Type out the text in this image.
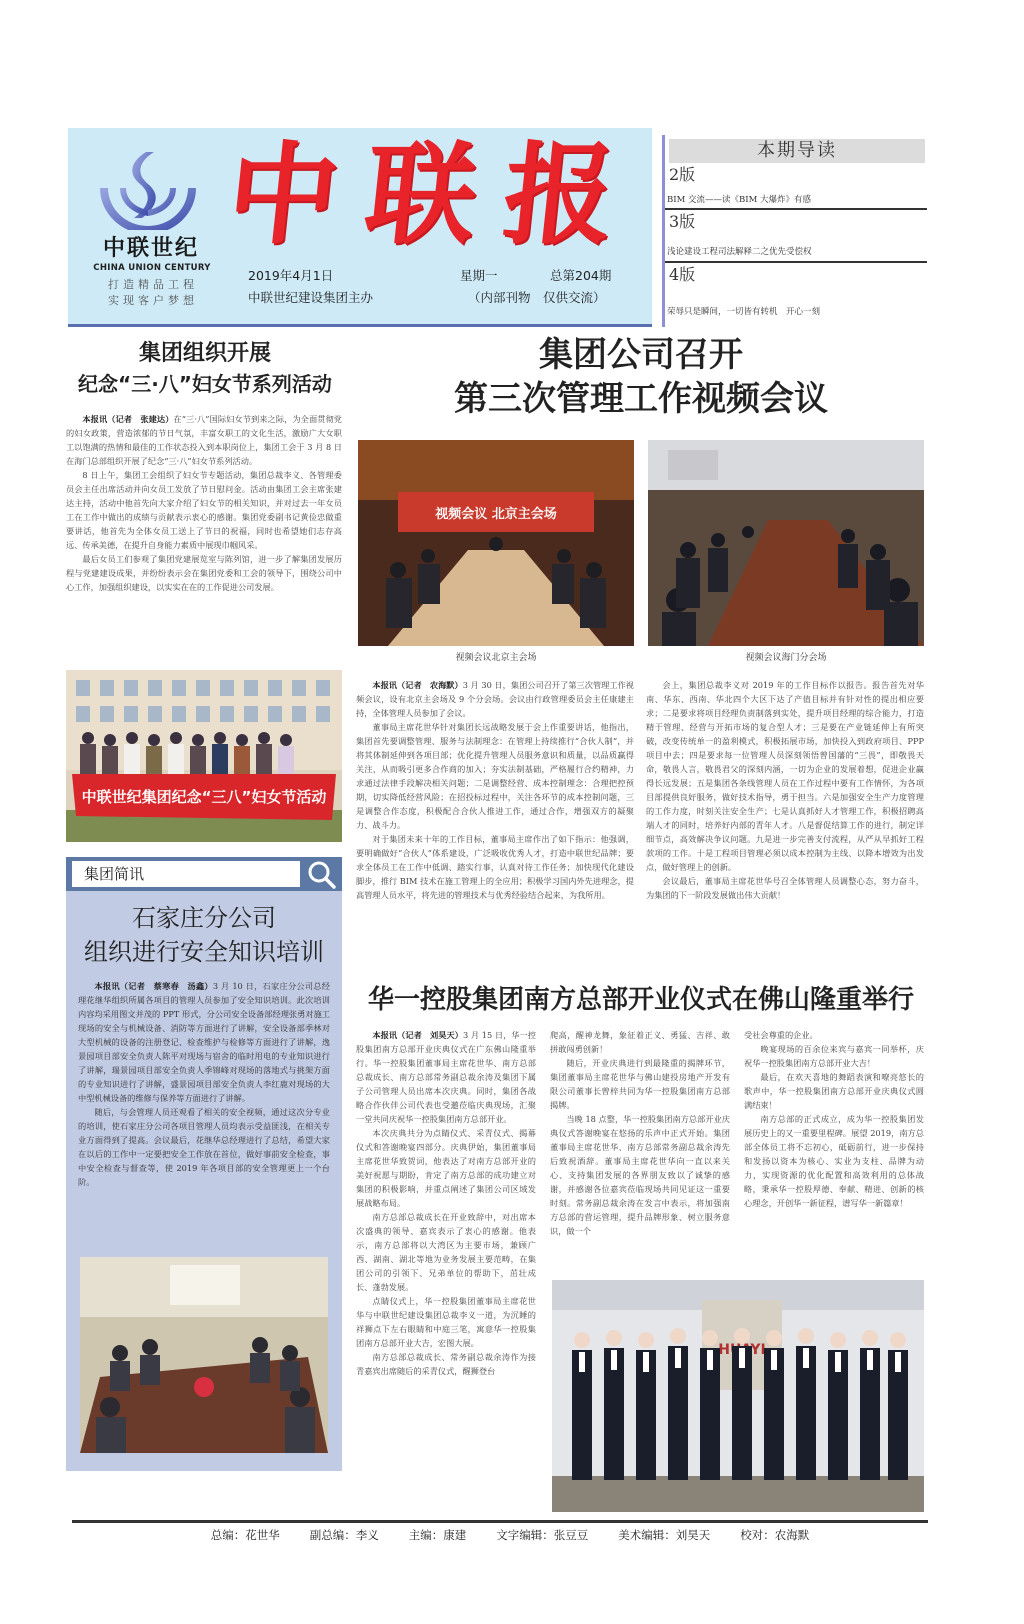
中联世纪
CHINA UNION CENTURY
打造精品工程
实现客户梦想
中联报
2019年4月1日	星期一	总第204期
中联世纪建设集团主办	（内部刊物　仅供交流）
本期导读
2版
BIM 交流——读《BIM 大爆炸》有感
3版
浅论建设工程司法解释二之优先受偿权
4版
荣辱只是瞬间，一切皆有转机　开心一刻
集团组织开展
纪念“三·八”妇女节系列活动

本报讯（记者　张建达）在“三·八”国际妇女节到来之际，为全面贯彻党的妇女政策，营造浓郁的节日气氛，丰富女职工的文化生活，激励广大女职工以饱满的热情和最佳的工作状态投入到本职岗位上，集团工会于 3 月 8 日在海门总部组织开展了纪念“三·八”妇女节系列活动。

8 日上午，集团工会组织了妇女节专题活动，集团总裁李义、各管理委员会主任出席活动并向女员工发放了节日慰问金。活动由集团工会主席张建达主持，活动中他首先向大家介绍了妇女节的相关知识，并对过去一年女员工在工作中做出的成绩与贡献表示衷心的感谢。集团党委副书记黄俭忠做重要讲话，他首先为全体女员工送上了节日的祝福，同时也希望她们志存高远、传承美德，在提升自身能力素质中展现巾帼风采。

最后女员工们参观了集团党建展览室与陈列馆，进一步了解集团发展历程与党建建设成果，并纷纷表示会在集团党委和工会的领导下，围绕公司中心工作，加强组织建设，以实实在在的工作促进公司发展。

中联世纪集团纪念“三八”妇女节活动
集团简讯
石家庄分公司
组织进行安全知识培训

本报讯（记者　蔡寒春　汤鑫）3 月 10 日，石家庄分公司总经理花继华组织所属各项目的管理人员参加了安全知识培训。此次培训内容均采用图文并茂的 PPT 形式，分公司安全设备部经理张勇对施工现场的安全与机械设备、消防等方面进行了讲解，安全设备部季林对大型机械的设备的注册登记、检查维护与检修等方面进行了讲解，逸景园项目部安全负责人陈平对现场与宿舍的临时用电的专业知识进行了讲解，瑞景园项目部安全负责人季锦峰对现场的落地式与挑架方面的专业知识进行了讲解，盛景园项目部安全负责人李红鹿对现场的大中型机械设备的维修与保养等方面进行了讲解。

随后，与会管理人员还观看了相关的安全视频，通过这次分专业的培训，使石家庄分公司各项目管理人员均表示受益匪浅，在相关专业方面得到了提高。会议最后，花继华总经理进行了总结，希望大家在以后的工作中一定要把安全工作放在首位，做好事前安全检查，事中安全检查与督查等，使 2019 年各项目部的安全管理更上一个台阶。

集团公司召开
第三次管理工作视频会议
视频会议 北京主会场
视频会议北京主会场	视频会议海门分会场

本报讯（记者　农海默）3 月 30 日，集团公司召开了第三次管理工作视频会议，设有北京主会场及 9 个分会场。会议由行政管理委员会主任康建主持，全体管理人员参加了会议。

董事局主席花世华针对集团长远战略发展于会上作重要讲话，他指出，集团首先要调整管理、服务与法制理念：在管理上持续推行“合伙人制”，并将其体制延伸到各项目部；优化提升管理人员服务意识和质量，以品质赢得关注，从而吸引更多合作商的加入；夯实法制基础，严格履行合约精神，力求通过法律手段解决相关问题；二是调整经营、成本控制理念：合理把控预期，切实降低经营风险；在招投标过程中，关注各环节的成本控制问题，三是调整合作态度，积极配合合伙人推进工作，通过合作，增强双方的凝聚力、战斗力。

对于集团未来十年的工作目标，董事局主席作出了如下指示：他强调，要明确做好“合伙人”体系建设，广泛吸收优秀人才，打造中联世纪品牌；要求全体员工在工作中低调、踏实行事，认真对待工作任务；加快现代化建设脚步，推行 BIM 技术在施工管理上的全应用；积极学习国内外先进理念，提高管理人员水平，将先进的管理技术与优秀经验结合起来，为我所用。

会上，集团总裁李义对 2019 年的工作目标作以报告。报告首先对华南、华东、西南、华北四个大区下达了产值目标并有针对性的提出相应要求；二是要求将项目经理负责制落到实处，提升项目经理的综合能力，打造精于管理、经营与开拓市场的复合型人才；三是要在产业链延伸上有所突破，改变传统单一的盈利模式，积极拓展市场，加快投入到政府项目、PPP 项目中去；四是要求每一位管理人员深刻领悟曾国藩的“三畏”，即敬畏天命，敬畏人言，敬畏君父的深刻内涵，一切为企业的发展着想，促进企业赢得长远发展；五是集团各条线管理人员在工作过程中要有工作情怀，为各项目部提供良好服务，做好技术指导，勇于担当。六是加强安全生产力度管理的工作力度，时刻关注安全生产；七是认真抓好人才管理工作，积极招聘高端人才的同时，培养好内部的青年人才。八是督促结算工作的进行，制定详细节点，高效解决争议问题。九是进一步完善支付流程，从严从早抓好工程款项的工作。十是工程项目管理必须以成本控制为主线、以降本增效为出发点，做好管理上的创新。

会议最后，董事局主席花世华号召全体管理人员调整心态，努力奋斗，为集团的下一阶段发展做出伟大贡献！

华一控股集团南方总部开业仪式在佛山隆重举行

本报讯（记者　刘昊天）3 月 15 日，华一控股集团南方总部开业庆典仪式在广东佛山隆重举行。华一控股集团董事局主席花世华、南方总部总裁成长、南方总部常务副总裁余涛及集团下属子公司管理人员出席本次庆典。同时，集团各战略合作伙伴公司代表也受邀莅临庆典现场，汇聚一堂共同庆祝华一控股集团南方总部开业。

本次庆典共分为点睛仪式、采青仪式、揭幕仪式和答谢晚宴四部分。庆典伊始，集团董事局主席花世华致贺词，他表达了对南方总部开业的美好祝愿与期盼，肯定了南方总部的成功建立对集团的积极影响，并重点阐述了集团公司区域发展战略布局。

南方总部总裁成长在开业致辞中，对出席本次盛典的领导、嘉宾表示了衷心的感谢。他表示，南方总部将以大湾区为主要市场，兼顾广西、湖南、湖北等地为业务发展主要范畴，在集团公司的引领下、兄弟单位的帮助下，茁壮成长、蓬勃发展。

点睛仪式上，华一控股集团董事局主席花世华与中联世纪建设集团总裁李义一道，为沉睡的祥狮点下左右眼睛和中庭三笔，寓意华一控股集团南方总部开业大吉，宏图大展。

南方总部总裁成长、常务副总裁余涛作为接青嘉宾出席随后的采青仪式，醒狮登台

爬高，醒神龙舞，象征着正义、勇猛、吉祥、敢拼敢闯勇创新！

随后，开业庆典进行到最隆重的揭牌环节，集团董事局主席花世华与佛山建投房地产开发有限公司董事长曾梓共同为华一控股集团南方总部揭牌。

当晚 18 点整，华一控股集团南方总部开业庆典仪式答谢晚宴在悠扬的乐声中正式开始。集团董事局主席花世华、南方总部常务副总裁余涛先后致祝酒辞。董事局主席花世华向一直以来关心、支持集团发展的各界朋友致以了诚挚的感谢，并感谢各位嘉宾莅临现场共同见证这一重要时刻。常务副总裁余涛在发言中表示，将加强南方总部的营运管理，提升品牌形象、树立服务意识，做一个

受社会尊重的企业。

晚宴现场的百余位来宾与嘉宾一同举杯，庆祝华一控股集团南方总部开业大吉！

最后，在欢天喜地的舞蹈表演和嘹亮悠长的歌声中，华一控股集团南方总部开业庆典仪式圆满结束！

南方总部的正式成立，成为华一控股集团发展历史上的又一重要里程碑。展望 2019，南方总部全体员工将不忘初心，砥砺前行，进一步保持和发扬以资本为核心、实业为支柱、品牌为动力，实现资源的优化配置和高效利用的总体战略，秉承华一控股厚德、奉献、精进、创新的核心理念，开创华一新征程，谱写华一新篇章！

总编：花世华	副总编：李义	主编：康建	文字编辑：张豆豆	美术编辑：刘昊天	校对：农海默
